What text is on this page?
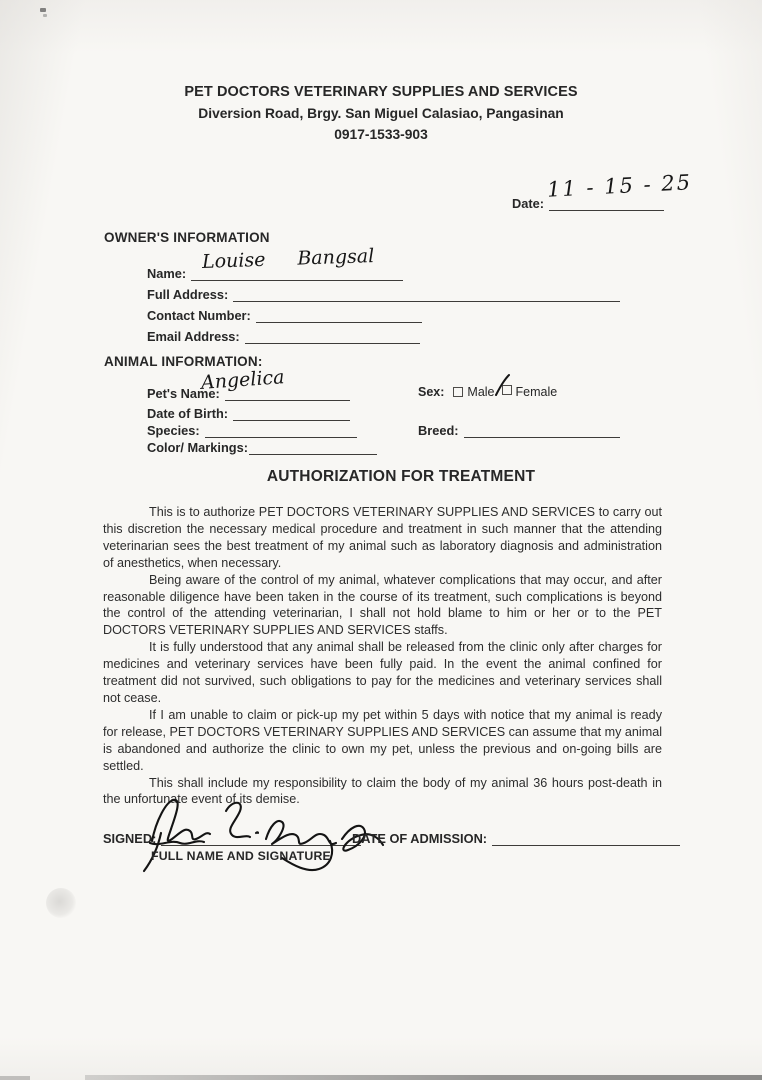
PET DOCTORS VETERINARY SUPPLIES AND SERVICES
Diversion Road, Brgy. San Miguel Calasiao, Pangasinan
0917-1533-903
Date:
11 - 15 - 25
OWNER'S INFORMATION
Name:
Louise Bangsal
Full Address:
Contact Number:
Email Address:
ANIMAL INFORMATION:
Pet's Name:
Angelica	Sex: Male Female
Date of Birth:
Species:	Breed:
Color/ Markings:
AUTHORIZATION FOR TREATMENT

This is to authorize PET DOCTORS VETERINARY SUPPLIES AND SERVICES to carry out this discretion the necessary medical procedure and treatment in such manner that the attending veterinarian sees the best treatment of my animal such as laboratory diagnosis and administration of anesthetics, when necessary.

Being aware of the control of my animal, whatever complications that may occur, and after reasonable diligence have been taken in the course of its treatment, such complications is beyond the control of the attending veterinarian, I shall not hold blame to him or her or to the PET DOCTORS VETERINARY SUPPLIES AND SERVICES staffs.

It is fully understood that any animal shall be released from the clinic only after charges for medicines and veterinary services have been fully paid. In the event the animal confined for treatment did not survived, such obligations to pay for the medicines and veterinary services shall not cease.

If I am unable to claim or pick-up my pet within 5 days with notice that my animal is ready for release, PET DOCTORS VETERINARY SUPPLIES AND SERVICES can assume that my animal is abandoned and authorize the clinic to own my pet, unless the previous and on-going bills are settled.

This shall include my responsibility to claim the body of my animal 36 hours post-death in the unfortunate event of its demise.

SIGNED:
FULL NAME AND SIGNATURE
DATE OF ADMISSION:
